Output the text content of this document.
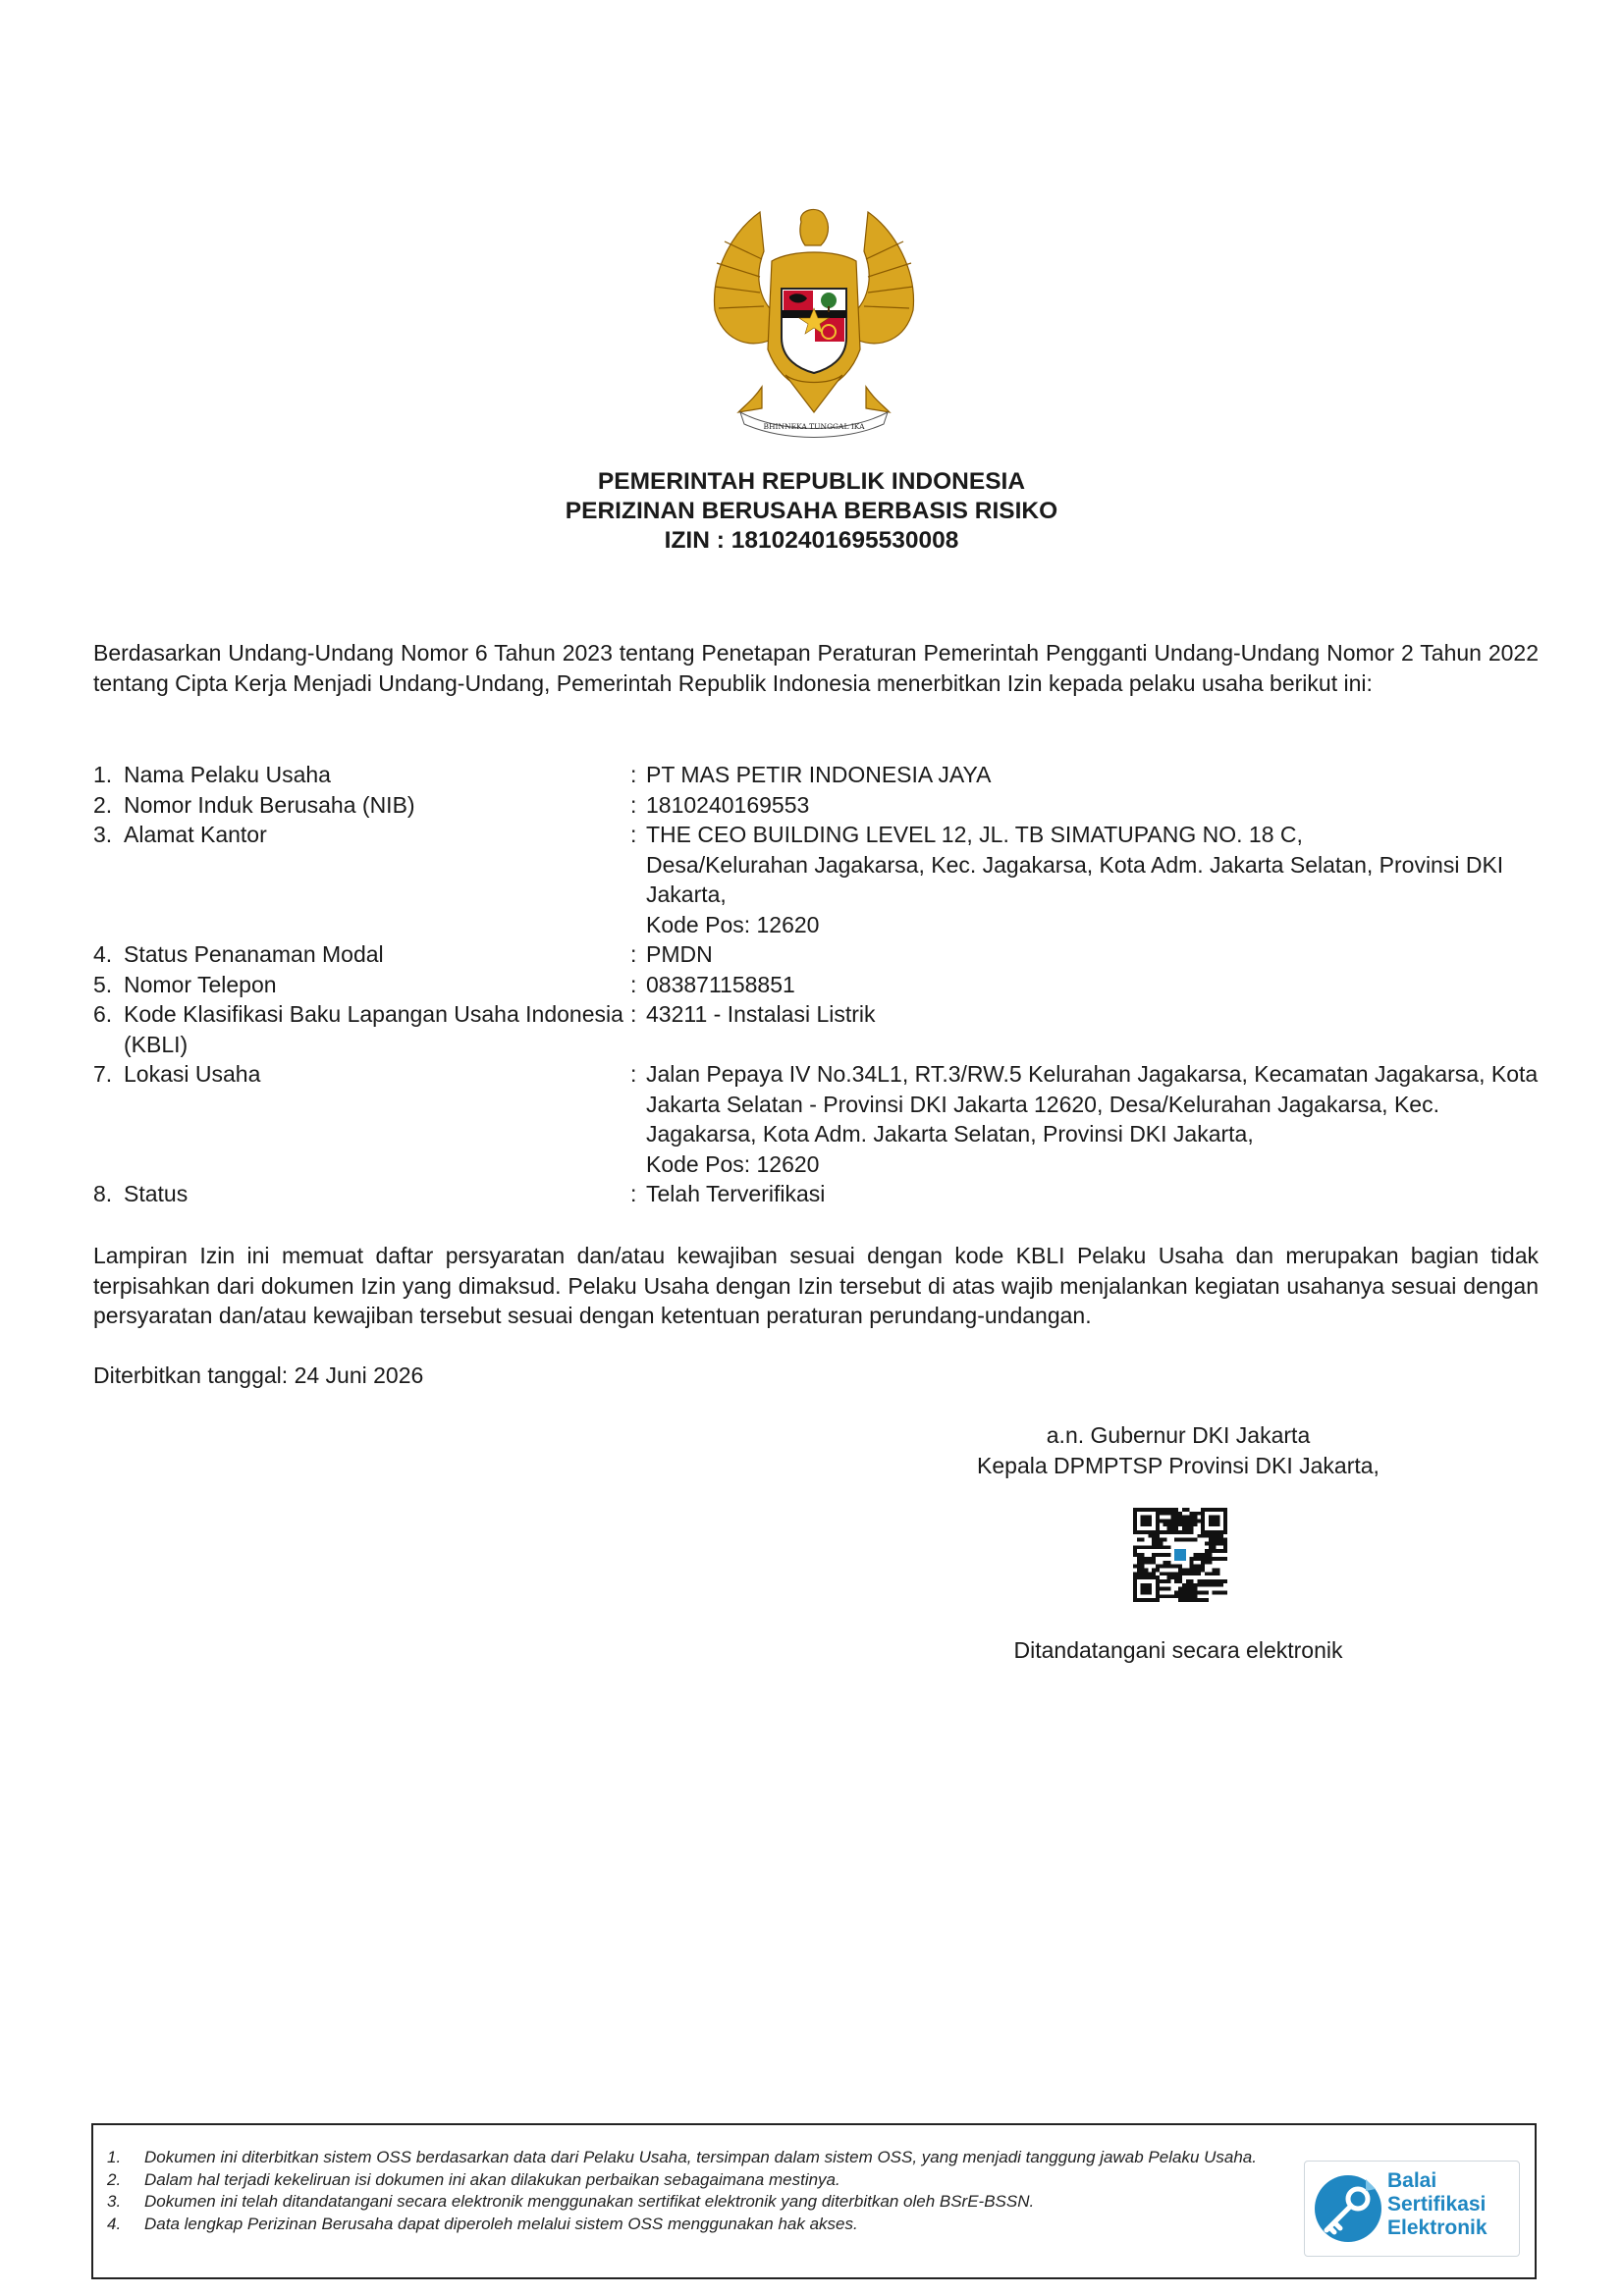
BHINNEKA TUNGGAL IKA
PEMERINTAH REPUBLIK INDONESIA
PERIZINAN BERUSAHA BERBASIS RISIKO
IZIN : 18102401695530008
Berdasarkan Undang-Undang Nomor 6 Tahun 2023 tentang Penetapan Peraturan Pemerintah Pengganti Undang-Undang Nomor 2 Tahun 2022 tentang Cipta Kerja Menjadi Undang-Undang, Pemerintah Republik Indonesia menerbitkan Izin kepada pelaku usaha berikut ini:
1. Nama Pelaku Usaha	: PT MAS PETIR INDONESIA JAYA
2. Nomor Induk Berusaha (NIB)	: 1810240169553
3. Alamat Kantor	: THE CEO BUILDING LEVEL 12, JL. TB SIMATUPANG NO. 18 C,
Desa/Kelurahan Jagakarsa, Kec. Jagakarsa, Kota Adm. Jakarta Selatan, Provinsi DKI Jakarta,
Kode Pos: 12620
4. Status Penanaman Modal	: PMDN
5. Nomor Telepon	: 083871158851
6. Kode Klasifikasi Baku Lapangan Usaha Indonesia (KBLI)
: 43211 - Instalasi Listrik
7. Lokasi Usaha	: Jalan Pepaya IV No.34L1, RT.3/RW.5 Kelurahan Jagakarsa, Kecamatan Jagakarsa, Kota Jakarta Selatan - Provinsi DKI Jakarta 12620, Desa/Kelurahan Jagakarsa, Kec. Jagakarsa, Kota Adm. Jakarta Selatan, Provinsi DKI Jakarta,
Kode Pos: 12620
8. Status	: Telah Terverifikasi
Lampiran Izin ini memuat daftar persyaratan dan/atau kewajiban sesuai dengan kode KBLI Pelaku Usaha dan merupakan bagian tidak terpisahkan dari dokumen Izin yang dimaksud. Pelaku Usaha dengan Izin tersebut di atas wajib menjalankan kegiatan usahanya sesuai dengan persyaratan dan/atau kewajiban tersebut sesuai dengan ketentuan peraturan perundang-undangan.
Diterbitkan tanggal: 24 Juni 2026
a.n. Gubernur DKI Jakarta
Kepala DPMPTSP Provinsi DKI Jakarta,
Ditandatangani secara elektronik
1.	Dokumen ini diterbitkan sistem OSS berdasarkan data dari Pelaku Usaha, tersimpan dalam sistem OSS, yang menjadi tanggung jawab Pelaku Usaha.
2.	Dalam hal terjadi kekeliruan isi dokumen ini akan dilakukan perbaikan sebagaimana mestinya.
3.	Dokumen ini telah ditandatangani secara elektronik menggunakan sertifikat elektronik yang diterbitkan oleh BSrE-BSSN.
4.	Data lengkap Perizinan Berusaha dapat diperoleh melalui sistem OSS menggunakan hak akses.
Balai
Sertifikasi
Elektronik
